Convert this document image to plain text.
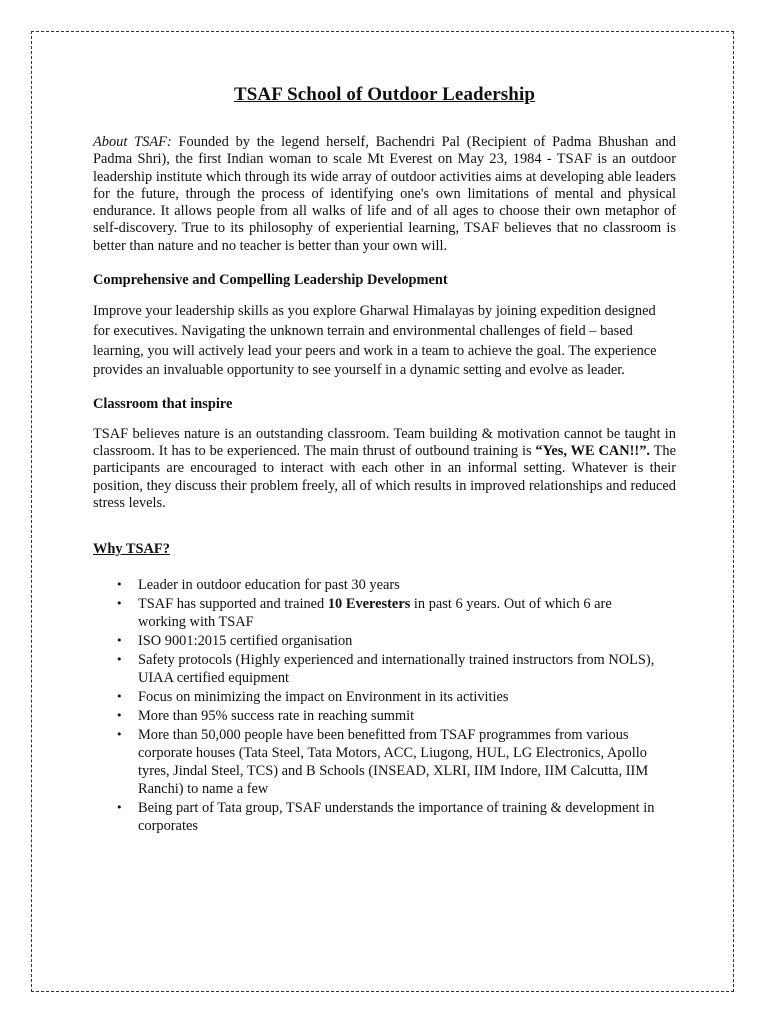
TSAF School of Outdoor Leadership

About TSAF: Founded by the legend herself, Bachendri Pal (Recipient of Padma Bhushan and Padma Shri), the first Indian woman to scale Mt Everest on May 23, 1984 - TSAF is an outdoor leadership institute which through its wide array of outdoor activities aims at developing able leaders for the future, through the process of identifying one's own limitations of mental and physical endurance. It allows people from all walks of life and of all ages to choose their own metaphor of self-discovery. True to its philosophy of experiential learning, TSAF believes that no classroom is better than nature and no teacher is better than your own will.

Comprehensive and Compelling Leadership Development

Improve your leadership skills as you explore Gharwal Himalayas by joining expedition designed for executives. Navigating the unknown terrain and environmental challenges of field – based learning, you will actively lead your peers and work in a team to achieve the goal. The experience provides an invaluable opportunity to see yourself in a dynamic setting and evolve as leader.

Classroom that inspire

TSAF believes nature is an outstanding classroom. Team building & motivation cannot be taught in classroom. It has to be experienced. The main thrust of outbound training is “Yes, WE CAN!!”. The participants are encouraged to interact with each other in an informal setting. Whatever is their position, they discuss their problem freely, all of which results in improved relationships and reduced stress levels.

Why TSAF?

• Leader in outdoor education for past 30 years
• TSAF has supported and trained 10 Everesters in past 6 years. Out of which 6 are working with TSAF
• ISO 9001:2015 certified organisation
• Safety protocols (Highly experienced and internationally trained instructors from NOLS), UIAA certified equipment
• Focus on minimizing the impact on Environment in its activities
• More than 95% success rate in reaching summit
• More than 50,000 people have been benefitted from TSAF programmes from various corporate houses (Tata Steel, Tata Motors, ACC, Liugong, HUL, LG Electronics, Apollo tyres, Jindal Steel, TCS) and B Schools (INSEAD, XLRI, IIM Indore, IIM Calcutta, IIM Ranchi) to name a few
• Being part of Tata group, TSAF understands the importance of training & development in corporates
